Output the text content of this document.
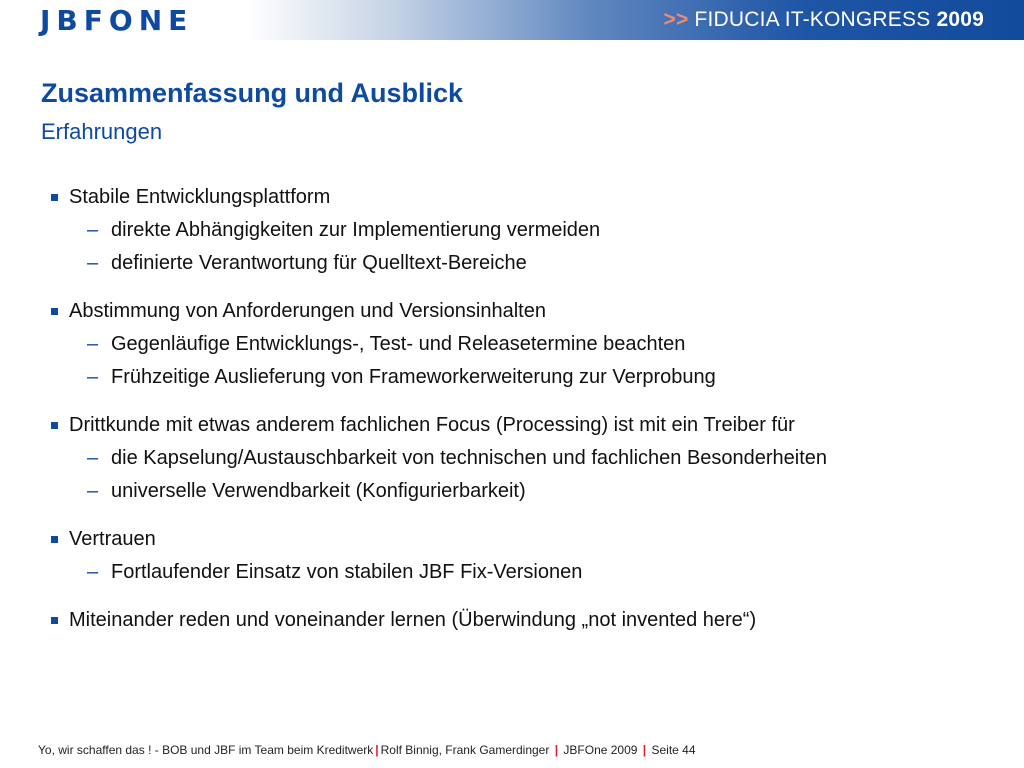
JBFONE	>> FIDUCIA IT-KONGRESS 2009
Zusammenfassung und Ausblick
Erfahrungen
Stabile Entwicklungsplattform
– direkte Abhängigkeiten zur Implementierung vermeiden
– definierte Verantwortung für Quelltext-Bereiche
Abstimmung von Anforderungen und Versionsinhalten
– Gegenläufige Entwicklungs-, Test- und Releasetermine beachten
– Frühzeitige Auslieferung von Frameworkerweiterung zur Verprobung
Drittkunde mit etwas anderem fachlichen Focus (Processing) ist mit ein Treiber für
– die Kapselung/Austauschbarkeit von technischen und fachlichen Besonderheiten
– universelle Verwendbarkeit (Konfigurierbarkeit)
Vertrauen
– Fortlaufender Einsatz von stabilen JBF Fix-Versionen
Miteinander reden und voneinander lernen (Überwindung „not invented here“)
Yo, wir schaffen das ! - BOB und JBF im Team beim Kreditwerk | Rolf Binnig, Frank Gamerdinger | JBFOne 2009 | Seite 44
